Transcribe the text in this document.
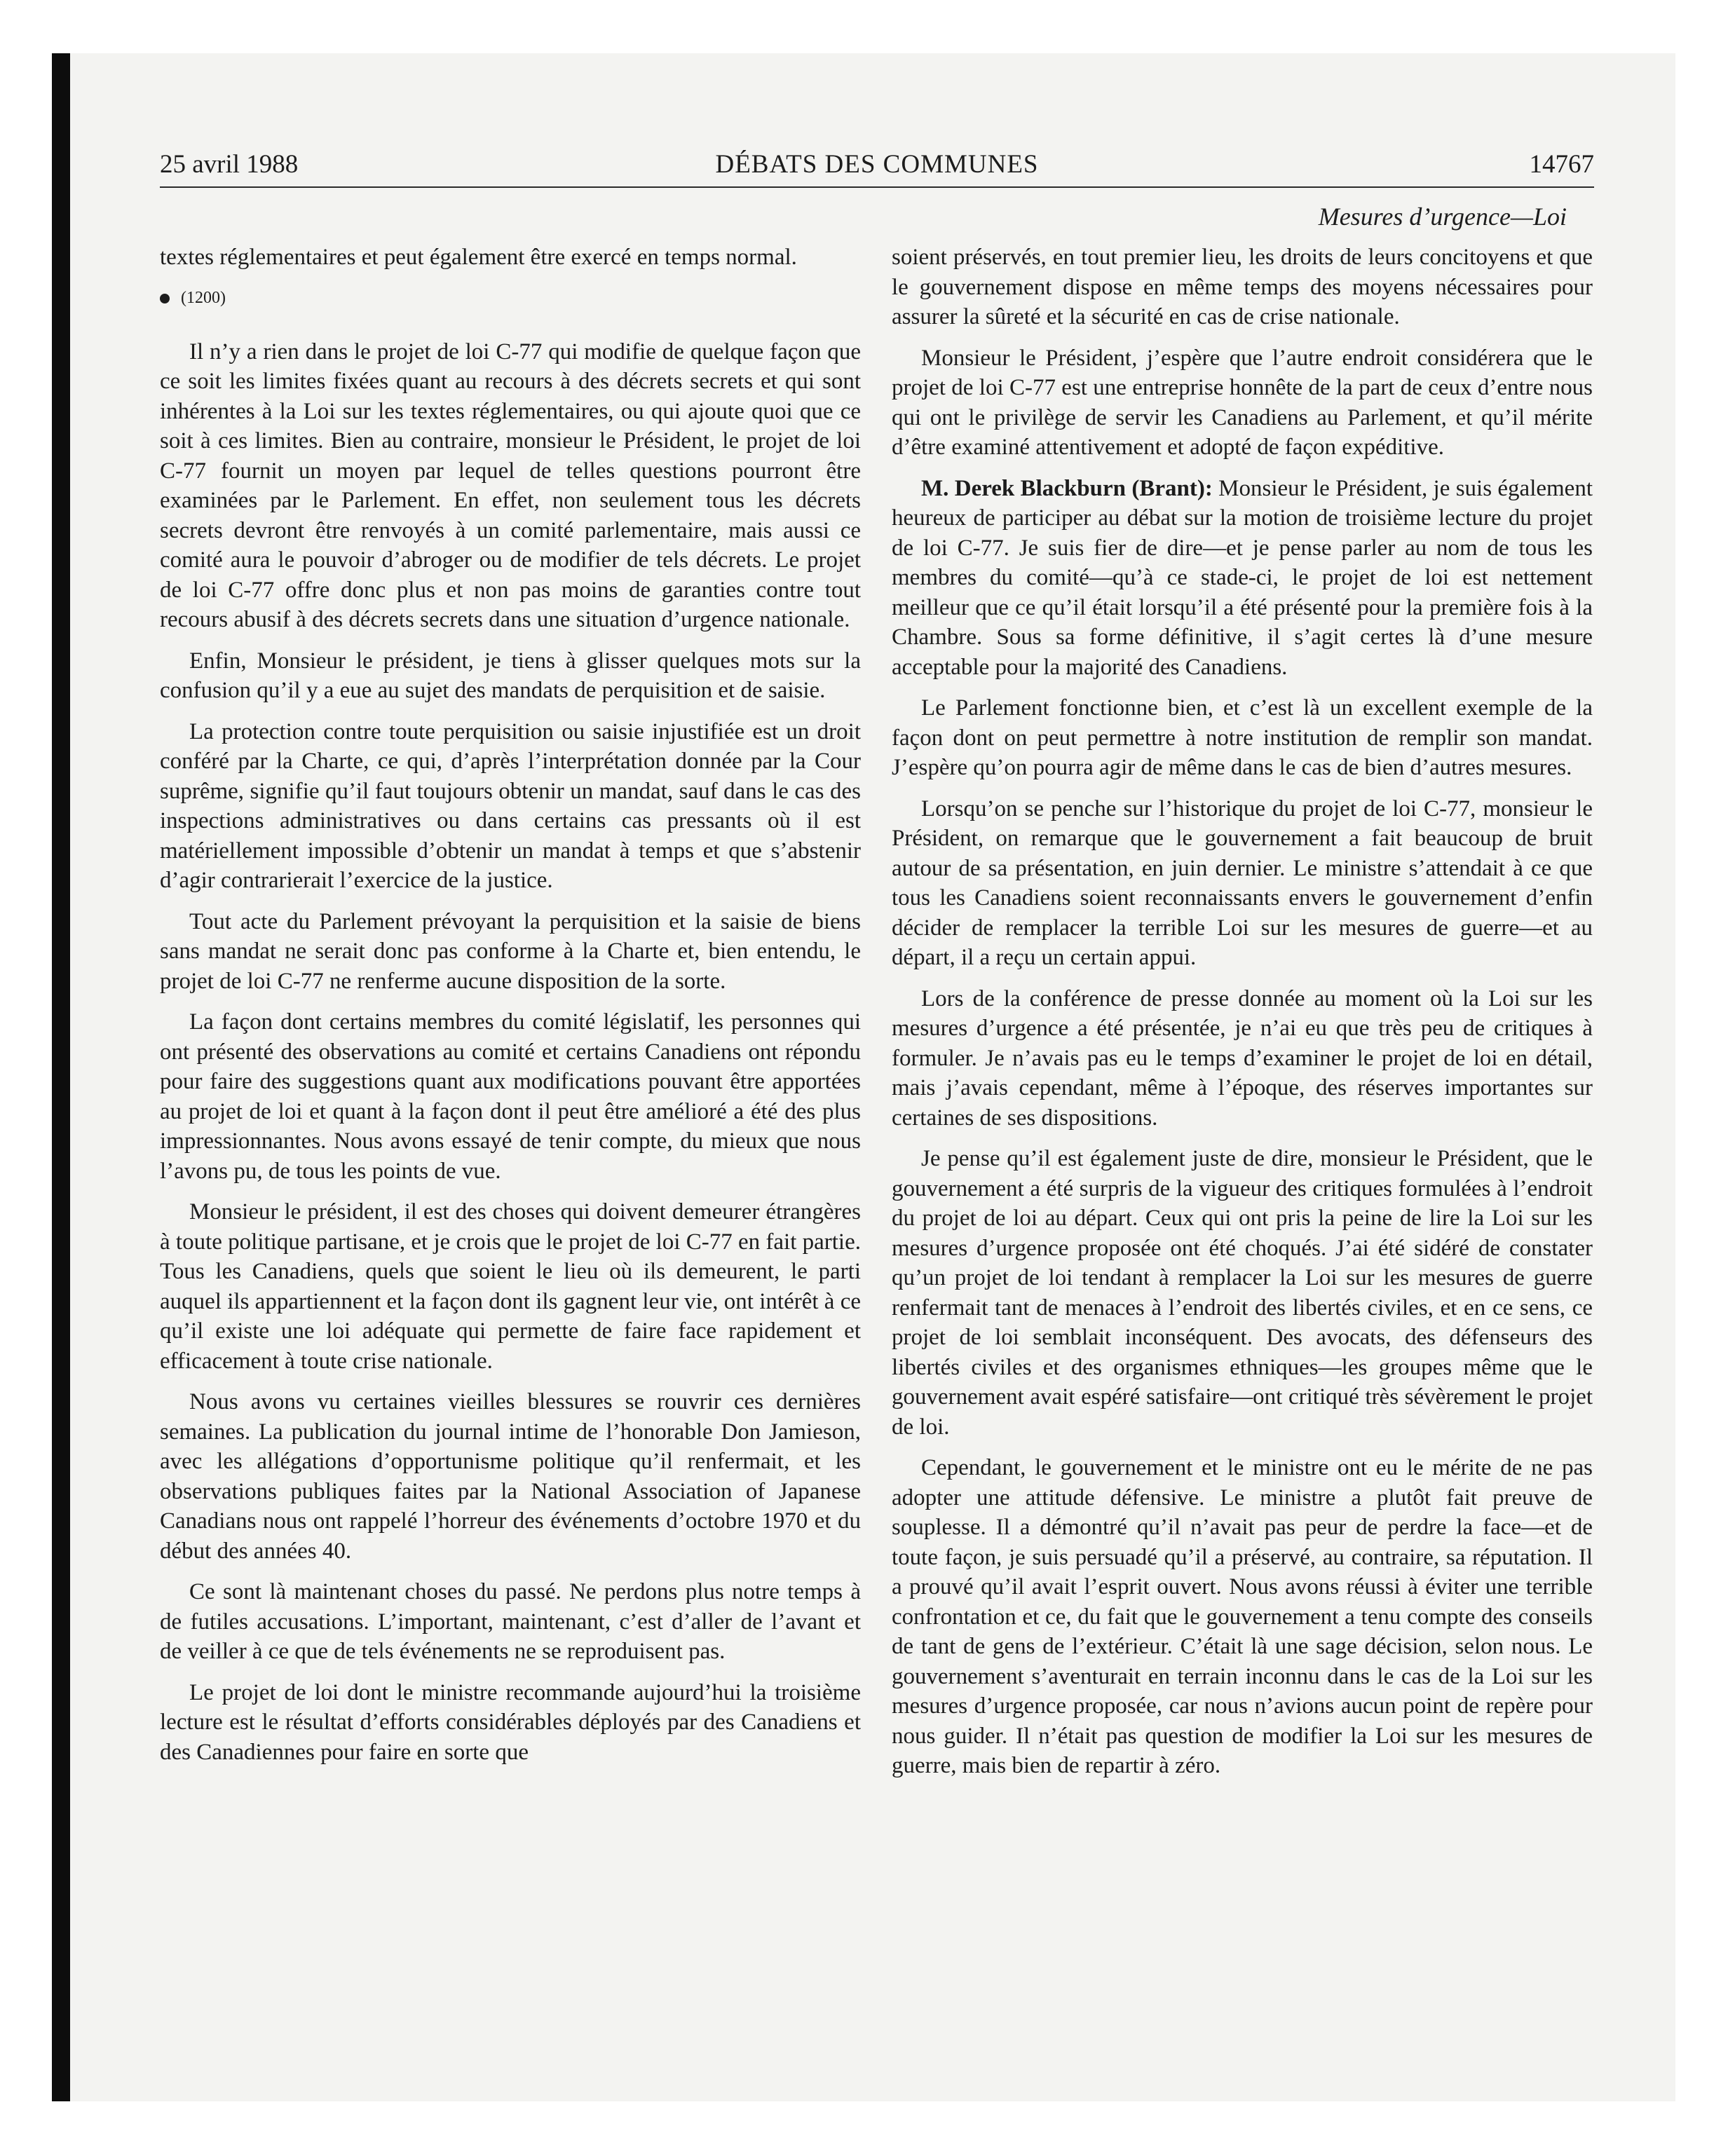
25 avril 1988	DÉBATS DES COMMUNES	14767
Mesures d’urgence—Loi

textes réglementaires et peut également être exercé en temps normal.

(1200)

Il n’y a rien dans le projet de loi C-77 qui modifie de quelque façon que ce soit les limites fixées quant au recours à des décrets secrets et qui sont inhérentes à la Loi sur les textes réglementaires, ou qui ajoute quoi que ce soit à ces limites. Bien au contraire, monsieur le Président, le projet de loi C-77 fournit un moyen par lequel de telles questions pourront être examinées par le Parlement. En effet, non seulement tous les décrets secrets devront être renvoyés à un comité parlementaire, mais aussi ce comité aura le pouvoir d’abroger ou de modifier de tels décrets. Le projet de loi C-77 offre donc plus et non pas moins de garanties contre tout recours abusif à des décrets secrets dans une situation d’urgence nationale.

Enfin, Monsieur le président, je tiens à glisser quelques mots sur la confusion qu’il y a eue au sujet des mandats de perquisition et de saisie.

La protection contre toute perquisition ou saisie injustifiée est un droit conféré par la Charte, ce qui, d’après l’interprétation donnée par la Cour suprême, signifie qu’il faut toujours obtenir un mandat, sauf dans le cas des inspections administratives ou dans certains cas pressants où il est matériellement impossible d’obtenir un mandat à temps et que s’abstenir d’agir contrarierait l’exercice de la justice.

Tout acte du Parlement prévoyant la perquisition et la saisie de biens sans mandat ne serait donc pas conforme à la Charte et, bien entendu, le projet de loi C-77 ne renferme aucune disposition de la sorte.

La façon dont certains membres du comité législatif, les personnes qui ont présenté des observations au comité et certains Canadiens ont répondu pour faire des suggestions quant aux modifications pouvant être apportées au projet de loi et quant à la façon dont il peut être amélioré a été des plus impressionnantes. Nous avons essayé de tenir compte, du mieux que nous l’avons pu, de tous les points de vue.

Monsieur le président, il est des choses qui doivent demeurer étrangères à toute politique partisane, et je crois que le projet de loi C-77 en fait partie. Tous les Canadiens, quels que soient le lieu où ils demeurent, le parti auquel ils appartiennent et la façon dont ils gagnent leur vie, ont intérêt à ce qu’il existe une loi adéquate qui permette de faire face rapidement et efficacement à toute crise nationale.

Nous avons vu certaines vieilles blessures se rouvrir ces dernières semaines. La publication du journal intime de l’honorable Don Jamieson, avec les allégations d’opportunisme politique qu’il renfermait, et les observations publiques faites par la National Association of Japanese Canadians nous ont rappelé l’horreur des événements d’octobre 1970 et du début des années 40.

Ce sont là maintenant choses du passé. Ne perdons plus notre temps à de futiles accusations. L’important, maintenant, c’est d’aller de l’avant et de veiller à ce que de tels événements ne se reproduisent pas.

Le projet de loi dont le ministre recommande aujourd’hui la troisième lecture est le résultat d’efforts considérables déployés par des Canadiens et des Canadiennes pour faire en sorte que

soient préservés, en tout premier lieu, les droits de leurs concitoyens et que le gouvernement dispose en même temps des moyens nécessaires pour assurer la sûreté et la sécurité en cas de crise nationale.

Monsieur le Président, j’espère que l’autre endroit considérera que le projet de loi C-77 est une entreprise honnête de la part de ceux d’entre nous qui ont le privilège de servir les Canadiens au Parlement, et qu’il mérite d’être examiné attentivement et adopté de façon expéditive.

M. Derek Blackburn (Brant): Monsieur le Président, je suis également heureux de participer au débat sur la motion de troisième lecture du projet de loi C-77. Je suis fier de dire—et je pense parler au nom de tous les membres du comité—qu’à ce stade-ci, le projet de loi est nettement meilleur que ce qu’il était lorsqu’il a été présenté pour la première fois à la Chambre. Sous sa forme définitive, il s’agit certes là d’une mesure acceptable pour la majorité des Canadiens.

Le Parlement fonctionne bien, et c’est là un excellent exemple de la façon dont on peut permettre à notre institution de remplir son mandat. J’espère qu’on pourra agir de même dans le cas de bien d’autres mesures.

Lorsqu’on se penche sur l’historique du projet de loi C-77, monsieur le Président, on remarque que le gouvernement a fait beaucoup de bruit autour de sa présentation, en juin dernier. Le ministre s’attendait à ce que tous les Canadiens soient reconnaissants envers le gouvernement d’enfin décider de remplacer la terrible Loi sur les mesures de guerre—et au départ, il a reçu un certain appui.

Lors de la conférence de presse donnée au moment où la Loi sur les mesures d’urgence a été présentée, je n’ai eu que très peu de critiques à formuler. Je n’avais pas eu le temps d’examiner le projet de loi en détail, mais j’avais cependant, même à l’époque, des réserves importantes sur certaines de ses dispositions.

Je pense qu’il est également juste de dire, monsieur le Président, que le gouvernement a été surpris de la vigueur des critiques formulées à l’endroit du projet de loi au départ. Ceux qui ont pris la peine de lire la Loi sur les mesures d’urgence proposée ont été choqués. J’ai été sidéré de constater qu’un projet de loi tendant à remplacer la Loi sur les mesures de guerre renfermait tant de menaces à l’endroit des libertés civiles, et en ce sens, ce projet de loi semblait inconséquent. Des avocats, des défenseurs des libertés civiles et des organismes ethniques—les groupes même que le gouvernement avait espéré satisfaire—ont critiqué très sévèrement le projet de loi.

Cependant, le gouvernement et le ministre ont eu le mérite de ne pas adopter une attitude défensive. Le ministre a plutôt fait preuve de souplesse. Il a démontré qu’il n’avait pas peur de perdre la face—et de toute façon, je suis persuadé qu’il a préservé, au contraire, sa réputation. Il a prouvé qu’il avait l’esprit ouvert. Nous avons réussi à éviter une terrible confrontation et ce, du fait que le gouvernement a tenu compte des conseils de tant de gens de l’extérieur. C’était là une sage décision, selon nous. Le gouvernement s’aventurait en terrain inconnu dans le cas de la Loi sur les mesures d’urgence proposée, car nous n’avions aucun point de repère pour nous guider. Il n’était pas question de modifier la Loi sur les mesures de guerre, mais bien de repartir à zéro.
